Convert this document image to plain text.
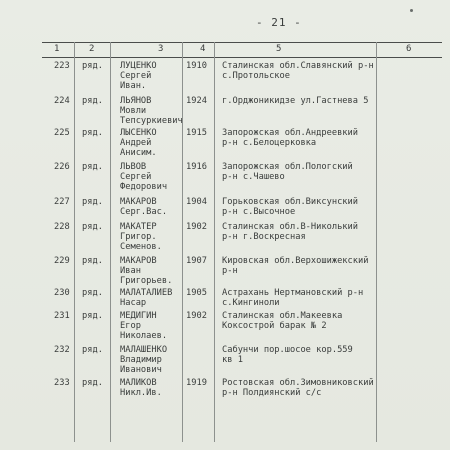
- 21 -
1	2	3	4	5	6
223 ряд. ЛУЦЕНКО
Сергей
Иван.
1910 Сталинская обл.Славянский р-н
с.Протольское
224 ряд. ЛЬЯНОВ
Мовли
Тепсуркиевич
1924 г.Орджоникидзе ул.Гастнева 5
225 ряд. ЛЫСЕНКО
Андрей
Анисим.
1915 Запорожская обл.Андреевкий
р-н с.Белоцерковка
226 ряд. ЛЬВОВ
Сергей
Федорович
1916 Запорожская обл.Пологский
р-н с.Чашево
227 ряд. МАКАРОВ
Серг.Вас.
1904 Горьковская обл.Виксунский
р-н с.Высочное
228 ряд. МАКАТЕР
Григор.
Семенов.
1902 Сталинская обл.В-Николький
р-н г.Воскресная
229 ряд. МАКАРОВ
Иван
Григорьев.
1907 Кировская обл.Верхошижекский
р-н
230 ряд. МАЛАТАЛИЕВ
Насар
1905 Астрахань Нертмановский р-н
с.Кингиноли
231 ряд. МЕДИГИН
Егор
Николаев.
1902 Сталинская обл.Макеевка
Коксострой барак № 2
232 ряд. МАЛАШЕНКО
Владимир
Иванович
Сабунчи пор.шосое кор.559
кв 1
233 ряд. МАЛИКОВ
Никл.Ив.
1919 Ростовская обл.Зимовниковский
р-н Полдиянский с/с
